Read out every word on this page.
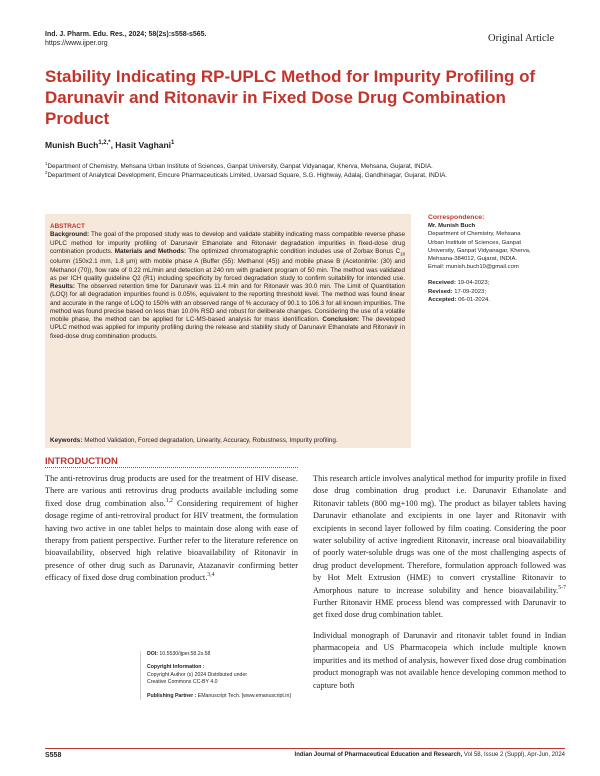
Ind. J. Pharm. Edu. Res., 2024; 58(2s):s558-s565.
https://www.ijper.org	Original Article
Stability Indicating RP-UPLC Method for Impurity Profiling of Darunavir and Ritonavir in Fixed Dose Drug Combination Product
Munish Buch$^{1,2,*}$, Hasit Vaghani$^1$
$^1$Department of Chemistry, Mehsana Urban Institute of Sciences, Ganpat University, Ganpat Vidyanagar, Kherva, Mehsana, Gujarat, INDIA.
$^2$Department of Analytical Development, Emcure Pharmaceuticals Limited, Uvarsad Square, S.G. Highway, Adalaj, Gandhinagar, Gujarat, INDIA.
ABSTRACT
Background: The goal of the proposed study was to develop and validate stability indicating mass compatible reverse phase UPLC method for impurity profiling of Darunavir Ethanolate and Ritonavir degradation impurities in fixed-dose drug combination products. Materials and Methods: The optimized chromatographic condition includes use of Zorbax Bonus $C_{18}$ column (150x2.1 mm, 1.8 µm) with mobile phase A (Buffer (55): Methanol (45)) and mobile phase B (Acetonitrile: (30) and Methanol (70)), flow rate of 0.22 mL/min and detection at 240 nm with gradient program of 50 min. The method was validated as per ICH quality guideline Q2 (R1) including specificity by forced degradation study to confirm suitability for intended use. Results: The observed retention time for Darunavir was 11.4 min and for Ritonavir was 30.0 min. The Limit of Quantitation (LOQ) for all degradation impurities found is 0.05%, equivalent to the reporting threshold level. The method was found linear and accurate in the range of LOQ to 150% with an observed range of % accuracy of 90.1 to 106.3 for all known impurities. The method was found precise based on less than 10.0% RSD and robust for deliberate changes. Considering the use of a volatile mobile phase, the method can be applied for LC-MS-based analysis for mass identification. Conclusion: The developed UPLC method was applied for impurity profiling during the release and stability study of Darunavir Ethanolate and Ritonavir in fixed-dose drug combination products.
Keywords: Method Validation, Forced degradation, Linearity, Accuracy, Robustness, Impurity profiling.
Correspondence:
Mr. Munish Buch
Department of Chemistry, Mehsana
Urban Institute of Sciences, Ganpat
University, Ganpat Vidyanagar, Kherva,
Mehsana-384012, Gujarat, INDIA.
Email: munish.buch10@gmail.com
Received: 19-04-2023;
Revised: 17-09-2023;
Accepted: 06-01-2024.
INTRODUCTION

The anti-retrovirus drug products are used for the treatment of HIV disease. There are various anti retrovirus drug products available including some fixed dose drug combination also.$^{1,2}$ Considering requirement of higher dosage regime of anti-retroviral product for HIV treatment, the formulation having two active in one tablet helps to maintain dose along with ease of therapy from patient perspective. Further refer to the literature reference on bioavailability, observed high relative bioavailability of Ritonavir in presence of other drug such as Darunavir, Atazanavir confirming better efficacy of fixed dose drug combination product.$^{3,4}$

This research article involves analytical method for impurity profile in fixed dose drug combination drug product i.e. Darunavir Ethanolate and Ritonavir tablets (800 mg+100 mg). The product as bilayer tablets having Darunavir ethanolate and excipients in one layer and Ritonavir with excipients in second layer followed by film coating. Considering the poor water solubility of active ingredient Ritonavir, increase oral bioavailability of poorly water-soluble drugs was one of the most challenging aspects of drug product development. Therefore, formulation approach followed was by Hot Melt Extrusion (HME) to convert crystalline Ritonavir to Amorphous nature to increase solubility and hence bioavailability.$^{5-7}$ Further Ritonavir HME process blend was compressed with Darunavir to get fixed dose drug combination tablet.

Individual monograph of Darunavir and ritonavir tablet found in Indian pharmacopeia and US Pharmacopeia which include multiple known impurities and its method of analysis, however fixed dose drug combination product monograph was not available hence developing common method to capture both

DOI: 10.5530/ijper.58.2s.58
Copyright Information :
Copyright Author (s) 2024 Distributed under
Creative Commons CC-BY 4.0
Publishing Partner : EManuscript Tech. [www.emanuscript.in]
S558	Indian Journal of Pharmaceutical Education and Research, Vol 58, Issue 2 (Suppl), Apr-Jun, 2024
